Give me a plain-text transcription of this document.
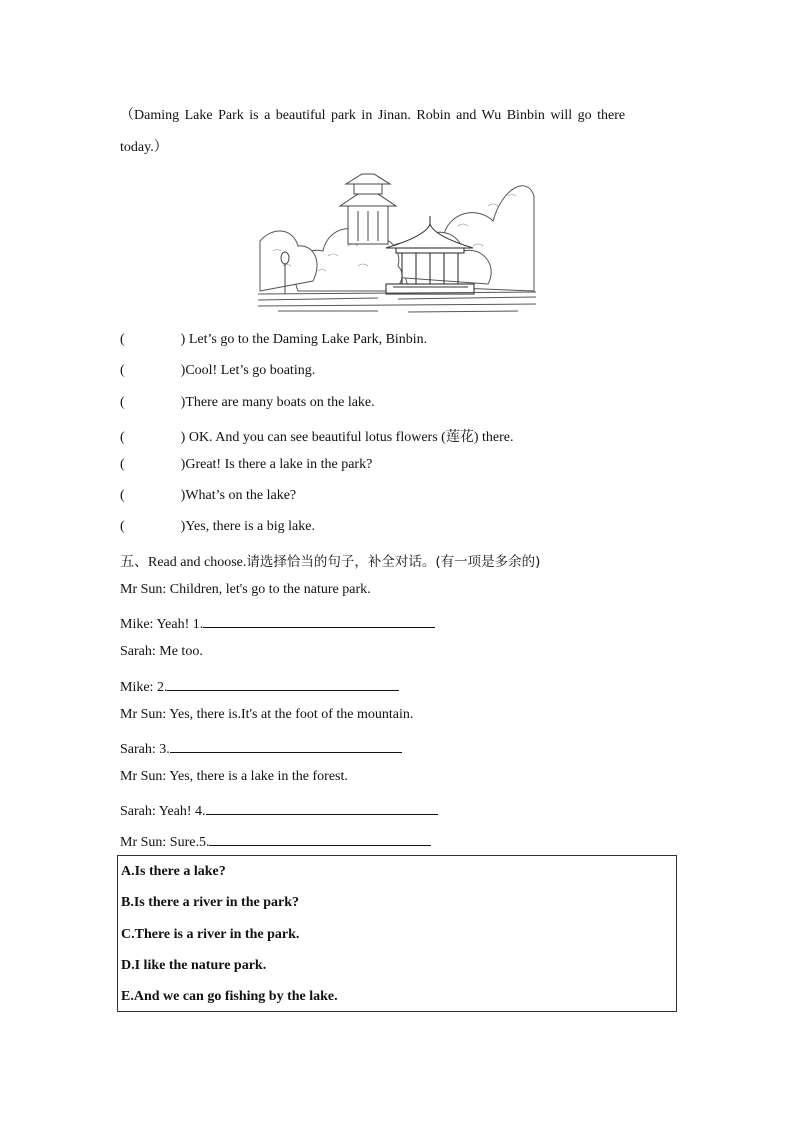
（Daming Lake Park is a beautiful park in Jinan. Robin and Wu Binbin will go there
today.）
(	) Let’s go to the Daming Lake Park, Binbin.
(	)Cool! Let’s go boating.
(	)There are many boats on the lake.
(	) OK. And you can see beautiful lotus flowers (莲花) there.
(	)Great! Is there a lake in the park?
(	)What’s on the lake?
(	)Yes, there is a big lake.
五、Read and choose.请选择恰当的句子，补全对话。(有一项是多余的)
Mr Sun: Children, let's go to the nature park.
Mike: Yeah! 1.
Sarah: Me too.
Mike: 2.
Mr Sun: Yes, there is.It's at the foot of the mountain.
Sarah: 3.
Mr Sun: Yes, there is a lake in the forest.
Sarah: Yeah! 4.
Mr Sun: Sure.5.
A.Is there a lake?
B.Is there a river in the park?
C.There is a river in the park.
D.I like the nature park.
E.And we can go fishing by the lake.
